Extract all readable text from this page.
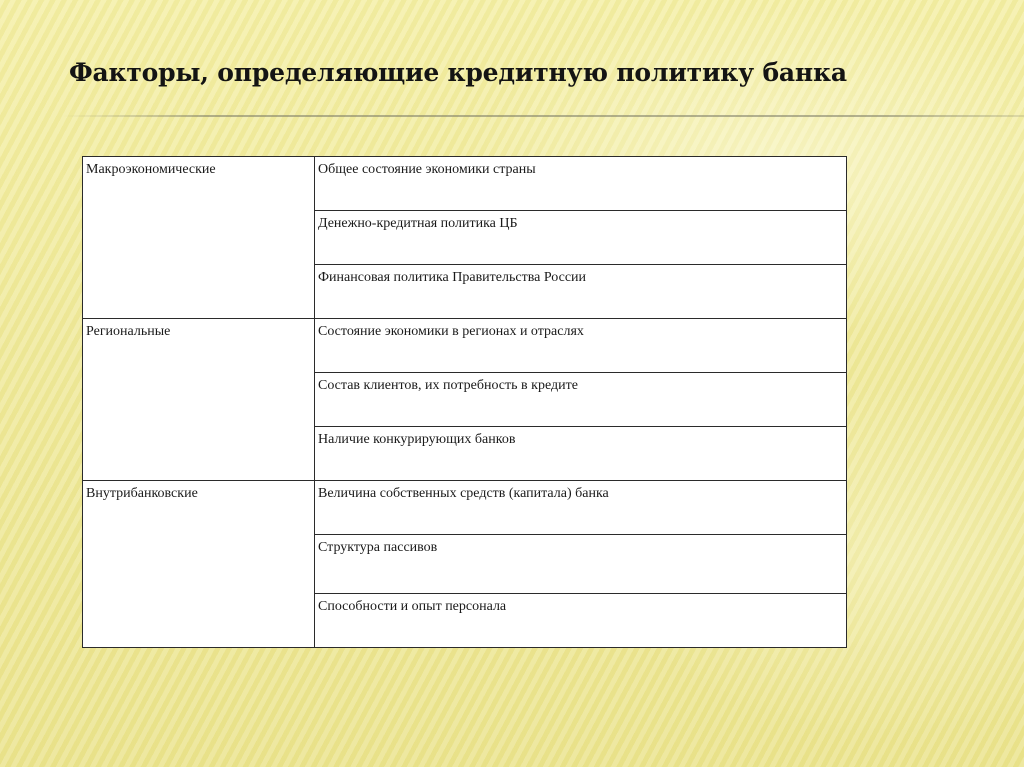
Факторы, определяющие кредитную политику банка
Макроэкономические	Общее состояние экономики страны
	Денежно-кредитная политика ЦБ
	Финансовая политика Правительства России
Региональные	Состояние экономики в регионах и отраслях
	Состав клиентов, их потребность в кредите
	Наличие конкурирующих банков
Внутрибанковские	Величина собственных средств (капитала) банка
	Структура пассивов
	Способности и опыт персонала
